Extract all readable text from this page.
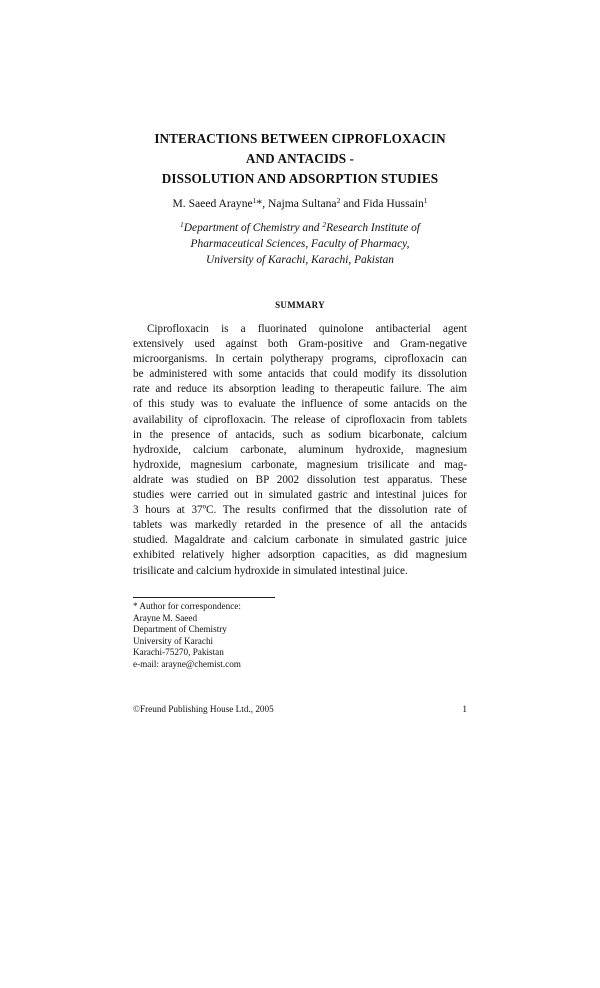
INTERACTIONS BETWEEN CIPROFLOXACIN
AND ANTACIDS -
DISSOLUTION AND ADSORPTION STUDIES
M. Saeed Arayne$^1$*, Najma Sultana$^2$ and Fida Hussain$^1$
$^1$Department of Chemistry and $^2$Research Institute of
Pharmaceutical Sciences, Faculty of Pharmacy,
University of Karachi, Karachi, Pakistan
SUMMARY
Ciprofloxacin is a fluorinated quinolone antibacterial agent
extensively used against both Gram-positive and Gram-negative
microorganisms. In certain polytherapy programs, ciprofloxacin can
be administered with some antacids that could modify its dissolution
rate and reduce its absorption leading to therapeutic failure. The aim
of this study was to evaluate the influence of some antacids on the
availability of ciprofloxacin. The release of ciprofloxacin from tablets
in the presence of antacids, such as sodium bicarbonate, calcium
hydroxide, calcium carbonate, aluminum hydroxide, magnesium
hydroxide, magnesium carbonate, magnesium trisilicate and mag-
aldrate was studied on BP 2002 dissolution test apparatus. These
studies were carried out in simulated gastric and intestinal juices for
3 hours at 37ºC. The results confirmed that the dissolution rate of
tablets was markedly retarded in the presence of all the antacids
studied. Magaldrate and calcium carbonate in simulated gastric juice
exhibited relatively higher adsorption capacities, as did magnesium
trisilicate and calcium hydroxide in simulated intestinal juice.
* Author for correspondence:
Arayne M. Saeed
Department of Chemistry
University of Karachi
Karachi-75270, Pakistan
e-mail: arayne@chemist.com
©Freund Publishing House Ltd., 2005	1
